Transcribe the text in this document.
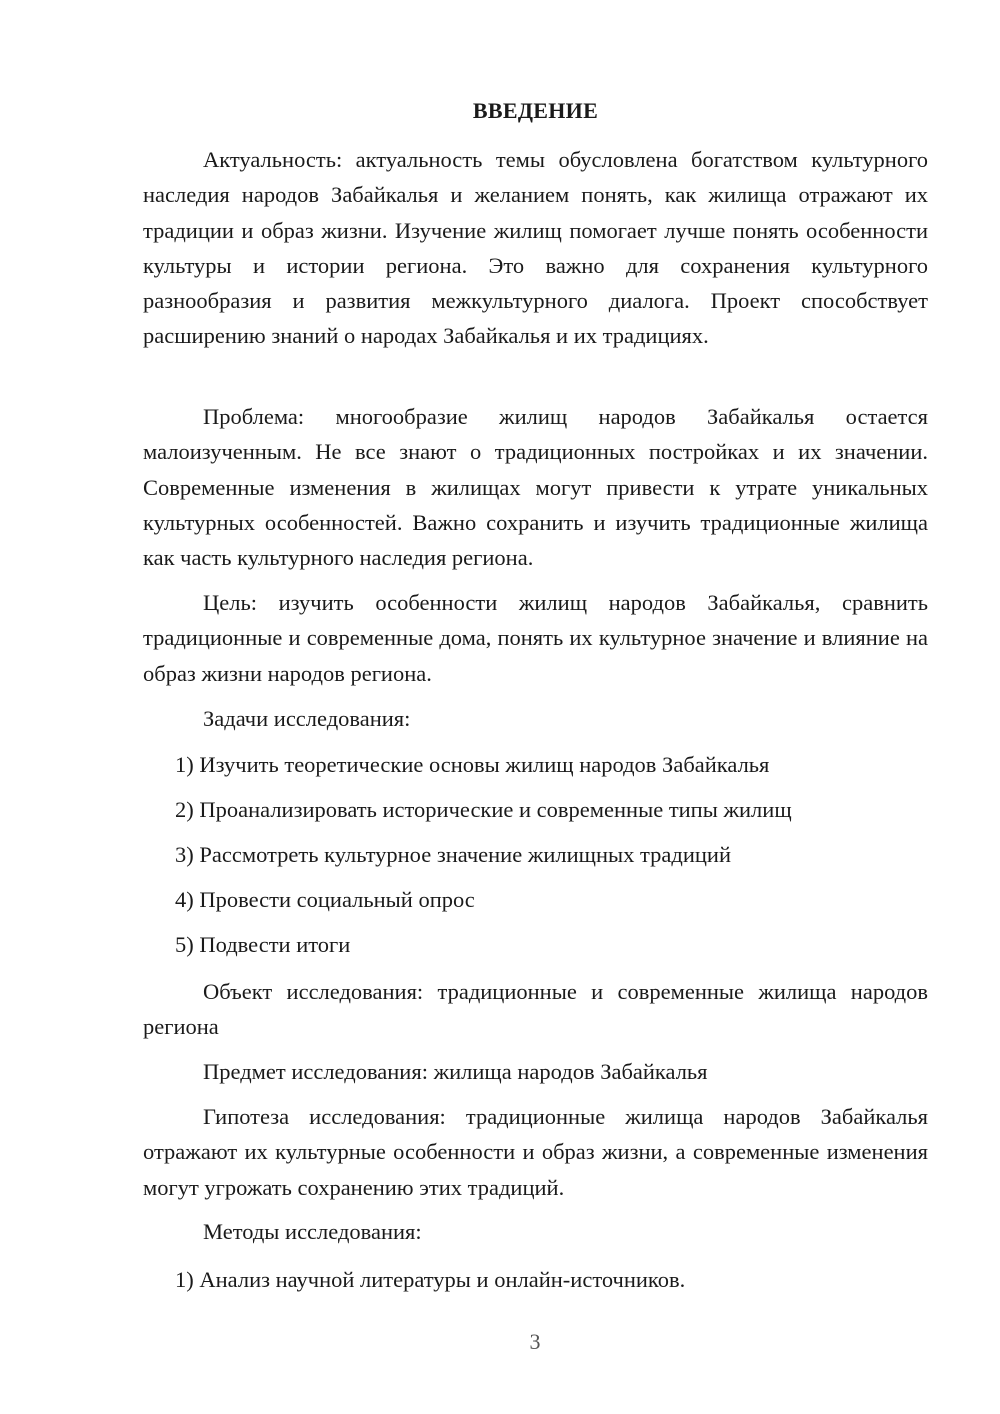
ВВЕДЕНИЕ

Актуальность: актуальность темы обусловлена богатством культурного наследия народов Забайкалья и желанием понять, как жилища отражают их традиции и образ жизни. Изучение жилищ помогает лучше понять особенности культуры и истории региона. Это важно для сохранения культурного разнообразия и развития межкультурного диалога. Проект способствует расширению знаний о народах Забайкалья и их традициях.

Проблема: многообразие жилищ народов Забайкалья остается малоизученным. Не все знают о традиционных постройках и их значении. Современные изменения в жилищах могут привести к утрате уникальных культурных особенностей. Важно сохранить и изучить традиционные жилища как часть культурного наследия региона.

Цель: изучить особенности жилищ народов Забайкалья, сравнить традиционные и современные дома, понять их культурное значение и влияние на образ жизни народов региона.

Задачи исследования:

1) Изучить теоретические основы жилищ народов Забайкалья

2) Проанализировать исторические и современные типы жилищ

3) Рассмотреть культурное значение жилищных традиций

4) Провести социальный опрос

5) Подвести итоги

Объект исследования: традиционные и современные жилища народов региона

Предмет исследования: жилища народов Забайкалья

Гипотеза исследования: традиционные жилища народов Забайкалья отражают их культурные особенности и образ жизни, а современные изменения могут угрожать сохранению этих традиций.

Методы исследования:

1) Анализ научной литературы и онлайн-источников.

3
